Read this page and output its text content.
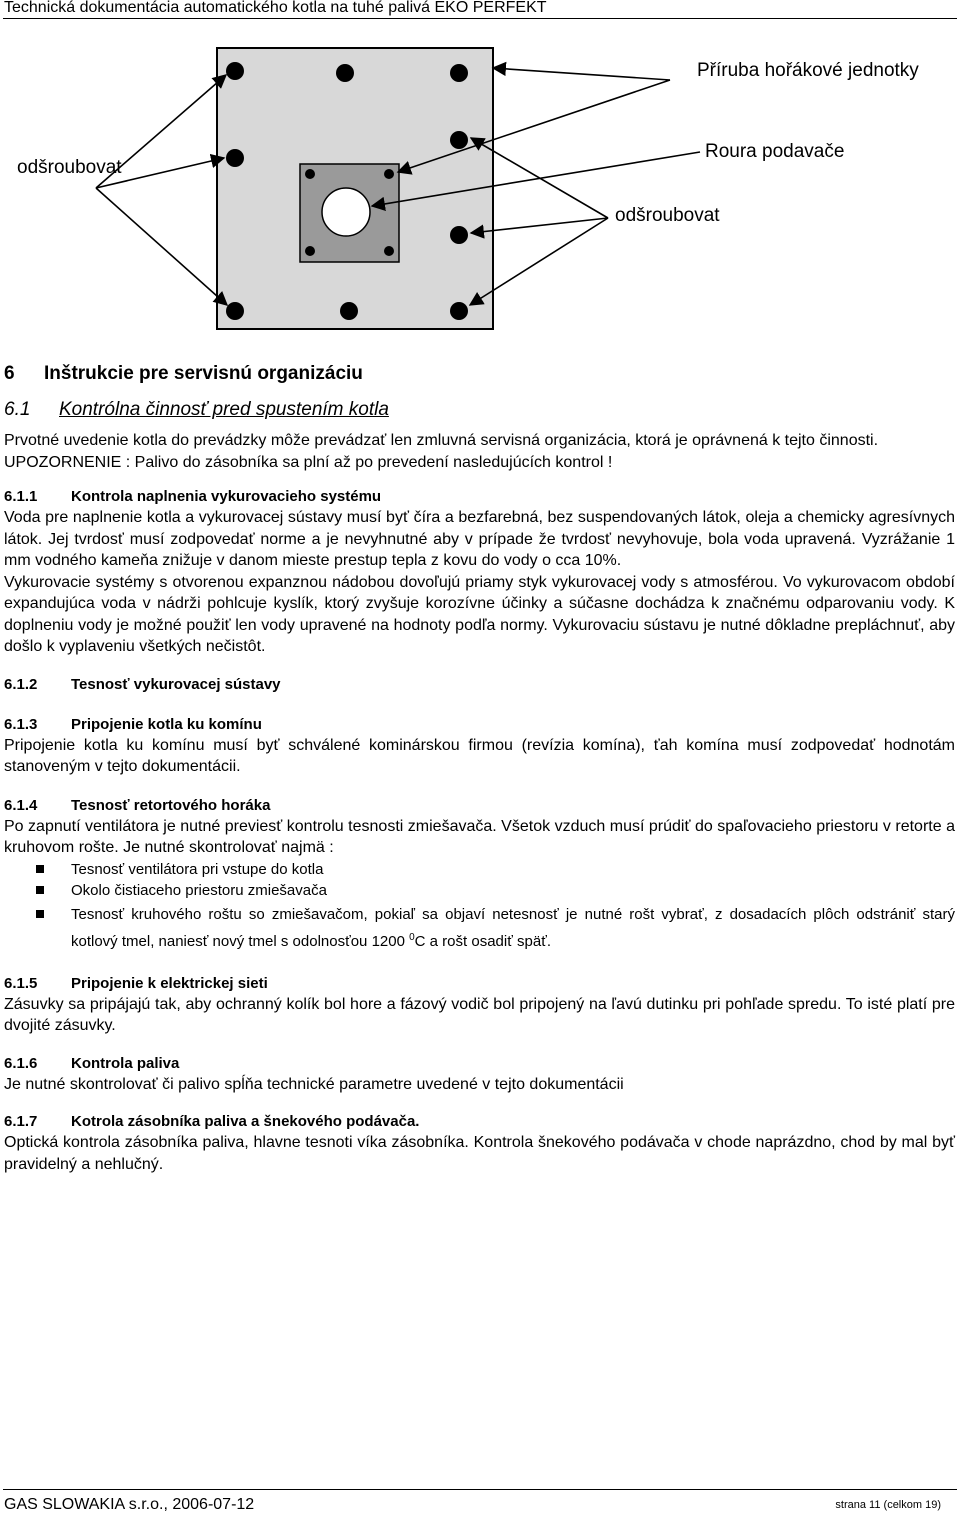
Technická dokumentácia automatického kotla na tuhé palivá EKO PERFEKT
Příruba hořákové jednotky
Roura podavače
odšroubovat
odšroubovat
6 Inštrukcie pre servisnú organizáciu
6.1 Kontrólna činnosť pred spustením kotla

Prvotné uvedenie kotla do prevádzky môže prevádzať len zmluvná servisná organizácia, ktorá je oprávnená k tejto činnosti.

UPOZORNENIE : Palivo do zásobníka sa plní až po prevedení nasledujúcích kontrol !

6.1.1 Kontrola naplnenia vykurovacieho systému

Voda pre naplnenie kotla a vykurovacej sústavy musí byť číra a bezfarebná, bez suspendovaných látok, oleja a chemicky agresívnych látok. Jej tvrdosť musí zodpovedať norme a je nevyhnutné aby v prípade že tvrdosť nevyhovuje, bola voda upravená. Vyzrážanie 1 mm vodného kameňa znižuje v danom mieste prestup tepla z kovu do vody o cca 10%.

Vykurovacie systémy s otvorenou expanznou nádobou dovoľujú priamy styk vykurovacej vody s atmosférou. Vo vykurovacom období expandujúca voda v nádrži pohlcuje kyslík, ktorý zvyšuje korozívne účinky a súčasne dochádza k značnému odparovaniu vody. K doplneniu vody je možné použiť len vody upravené na hodnoty podľa normy. Vykurovaciu sústavu je nutné dôkladne prepláchnuť, aby došlo k vyplaveniu všetkých nečistôt.

6.1.2 Tesnosť vykurovacej sústavy
6.1.3 Pripojenie kotla ku komínu

Pripojenie kotla ku komínu musí byť schválené kominárskou firmou (revízia komína), ťah komína musí zodpovedať hodnotám stanoveným v tejto dokumentácii.

6.1.4 Tesnosť retortového horáka

Po zapnutí ventilátora je nutné previesť kontrolu tesnosti zmiešavača. Všetok vzduch musí prúdiť do spaľovacieho priestoru v retorte a kruhovom rošte. Je nutné skontrolovať najmä :

Tesnosť ventilátora pri vstupe do kotla
Okolo čistiaceho priestoru zmiešavača
Tesnosť kruhového roštu so zmiešavačom, pokiaľ sa objaví netesnosť je nutné rošt vybrať, z dosadacích plôch odstrániť starý kotlový tmel, naniesť nový tmel s odolnosťou 1200 $^0$C a rošt osadiť späť.
6.1.5 Pripojenie k elektrickej sieti

Zásuvky sa pripájajú tak, aby ochranný kolík bol hore a fázový vodič bol pripojený na ľavú dutinku pri pohľade spredu. To isté platí pre dvojité zásuvky.

6.1.6 Kontrola paliva

Je nutné skontrolovať či palivo spĺňa technické parametre uvedené v tejto dokumentácii

6.1.7 Kotrola zásobníka paliva a šnekového podávača.

Optická kontrola zásobníka paliva, hlavne tesnoti víka zásobníka. Kontrola šnekového podávača v chode naprázdno, chod by mal byť pravidelný a nehlučný.

GAS SLOWAKIA s.r.o., 2006-07-12	strana 11 (celkom 19)
